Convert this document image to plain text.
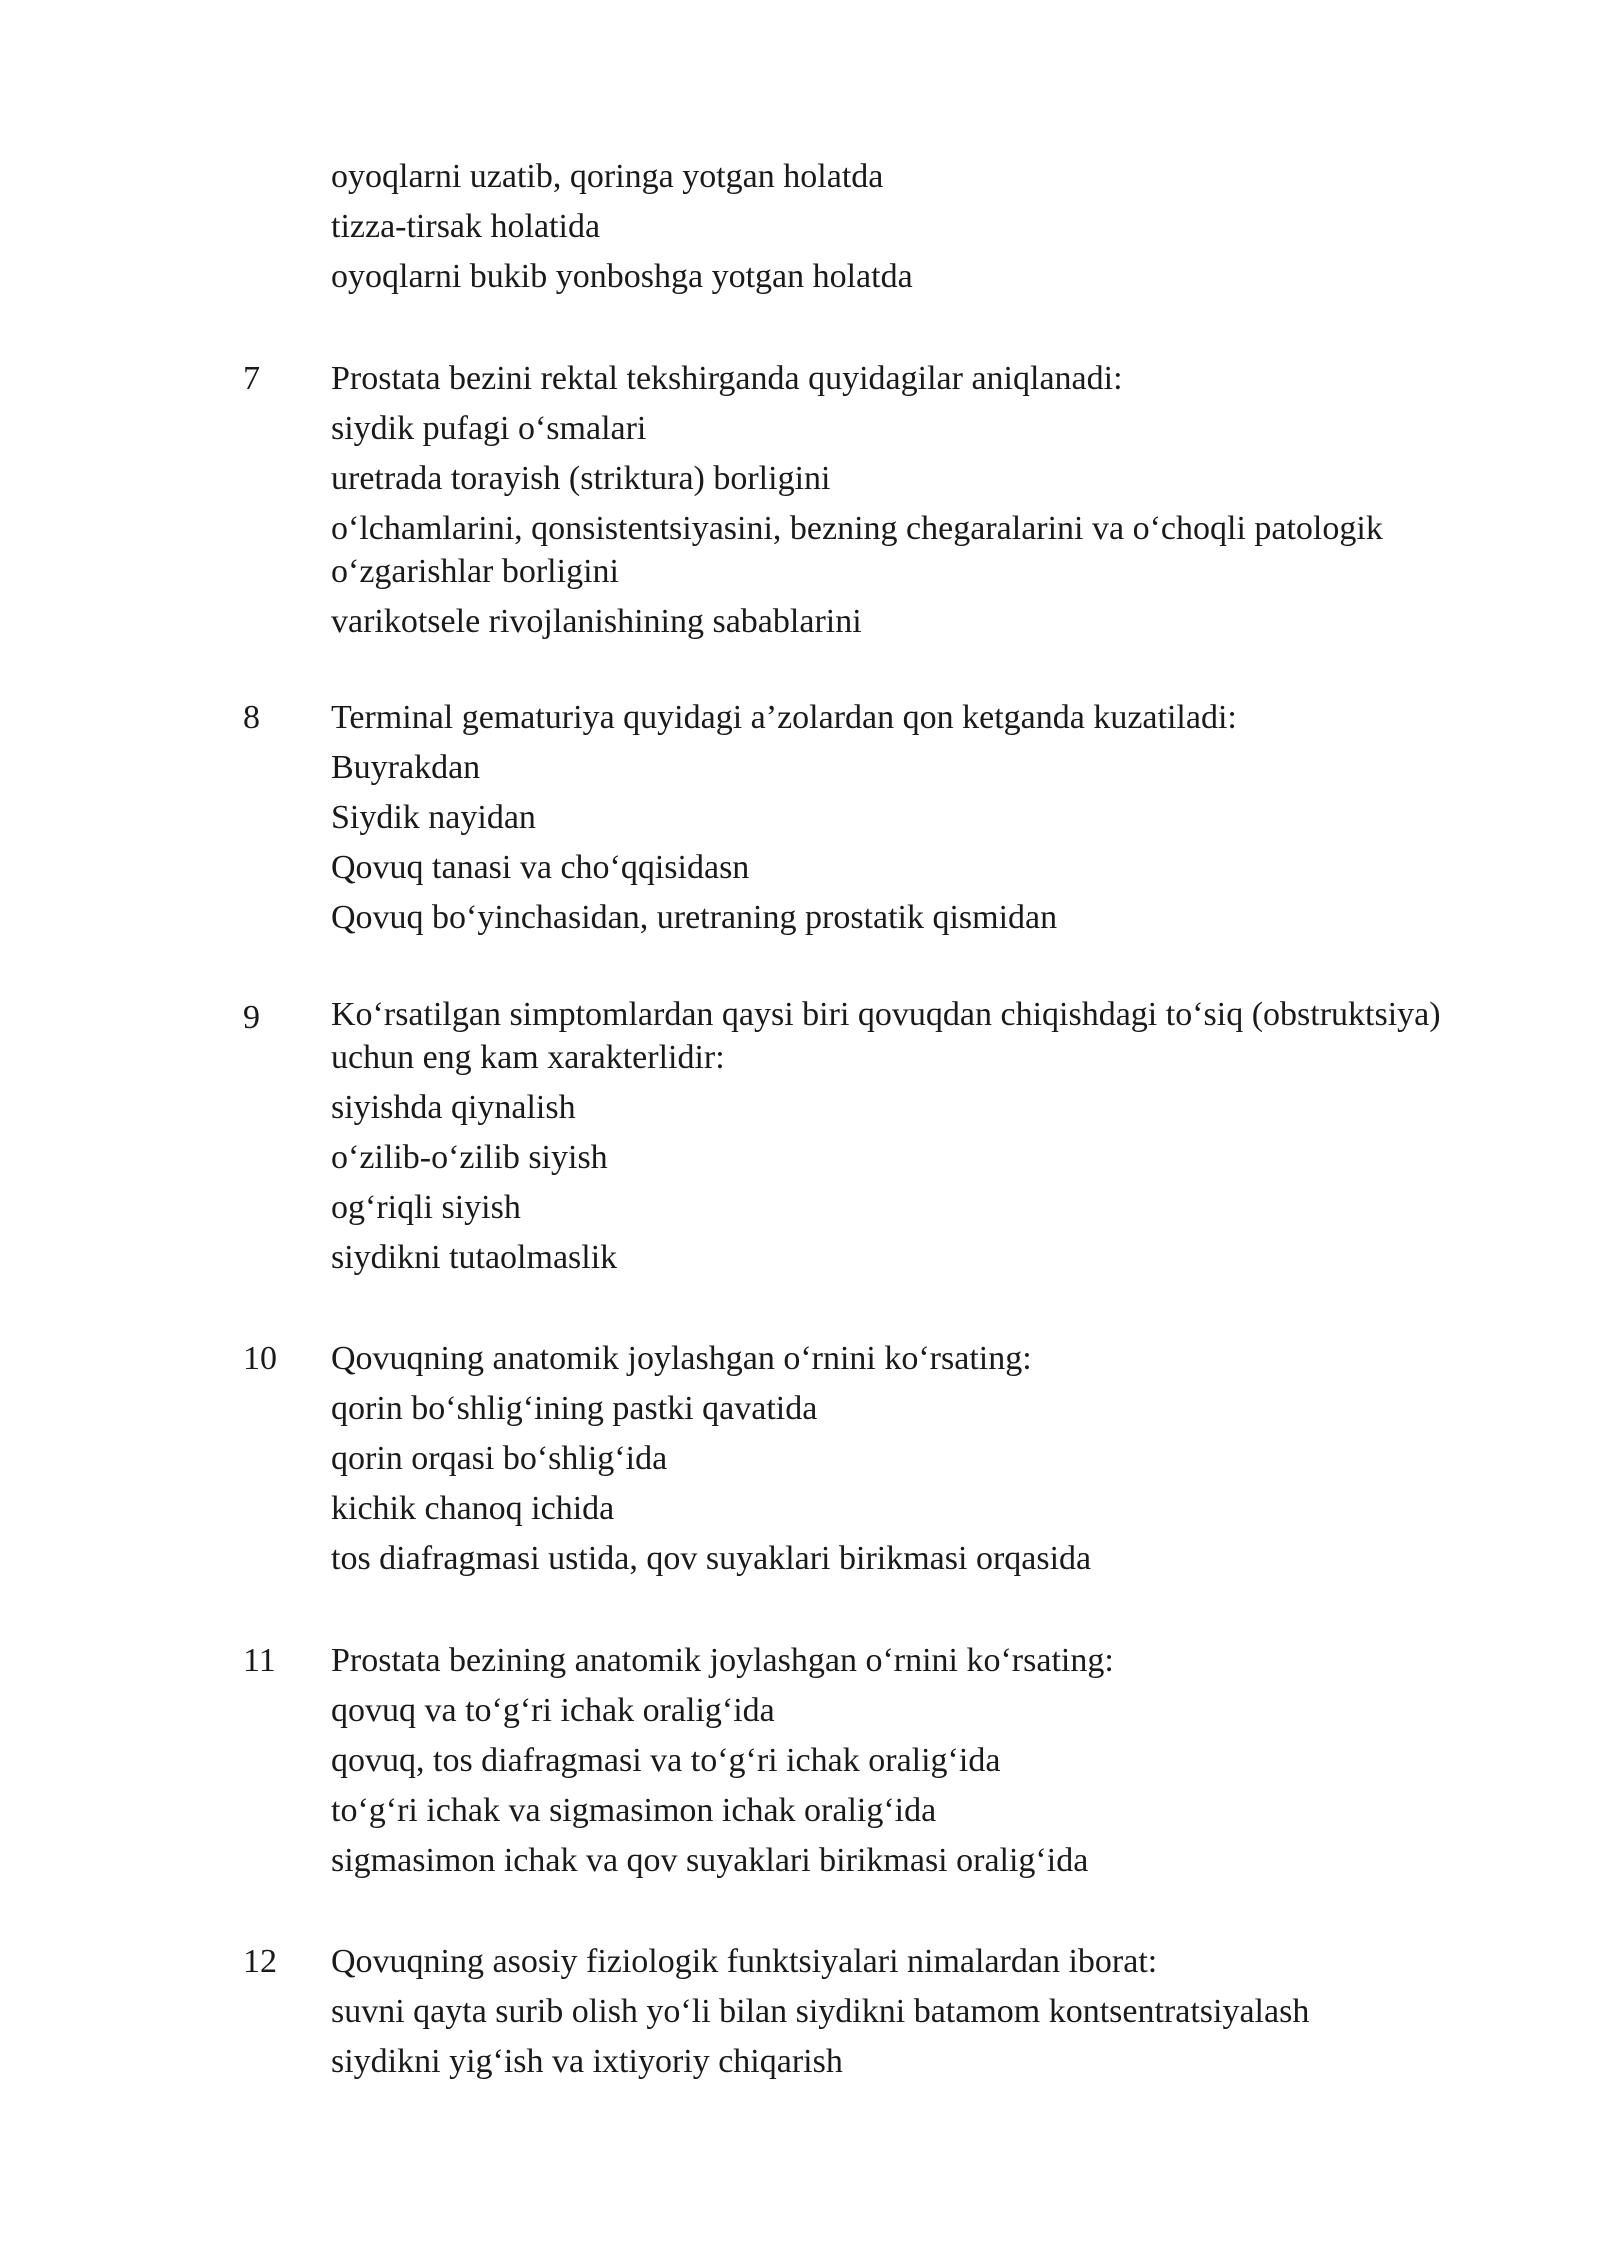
oyoqlarni uzatib, qoringa yotgan holatda
tizza-tirsak holatida
oyoqlarni bukib yonboshga yotgan holatda
7 Prostata bezini rektal tekshirganda quyidagilar aniqlanadi:
siydik pufagi o‘smalari
uretrada torayish (striktura) borligini
o‘lchamlarini, qonsistentsiyasini, bezning chegaralarini va o‘choqli patologik o‘zgarishlar borligini
varikotsele rivojlanishining sabablarini
8 Terminal gematuriya quyidagi a’zolardan qon ketganda kuzatiladi:
Buyrakdan
Siydik nayidan
Qovuq tanasi va cho‘qqisidasn
Qovuq bo‘yinchasidan, uretraning prostatik qismidan
9 Ko‘rsatilgan simptomlardan qaysi biri qovuqdan chiqishdagi to‘siq (obstruktsiya) uchun eng kam xarakterlidir:
siyishda qiynalish
o‘zilib-o‘zilib siyish
og‘riqli siyish
siydikni tutaolmaslik
10 Qovuqning anatomik joylashgan o‘rnini ko‘rsating:
qorin bo‘shlig‘ining pastki qavatida
qorin orqasi bo‘shlig‘ida
kichik chanoq ichida
tos diafragmasi ustida, qov suyaklari birikmasi orqasida
11 Prostata bezining anatomik joylashgan o‘rnini ko‘rsating:
qovuq va to‘g‘ri ichak oralig‘ida
qovuq, tos diafragmasi va to‘g‘ri ichak oralig‘ida
to‘g‘ri ichak va sigmasimon ichak oralig‘ida
sigmasimon ichak va qov suyaklari birikmasi oralig‘ida
12 Qovuqning asosiy fiziologik funktsiyalari nimalardan iborat:
suvni qayta surib olish yo‘li bilan siydikni batamom kontsentratsiyalash
siydikni yig‘ish va ixtiyoriy chiqarish
